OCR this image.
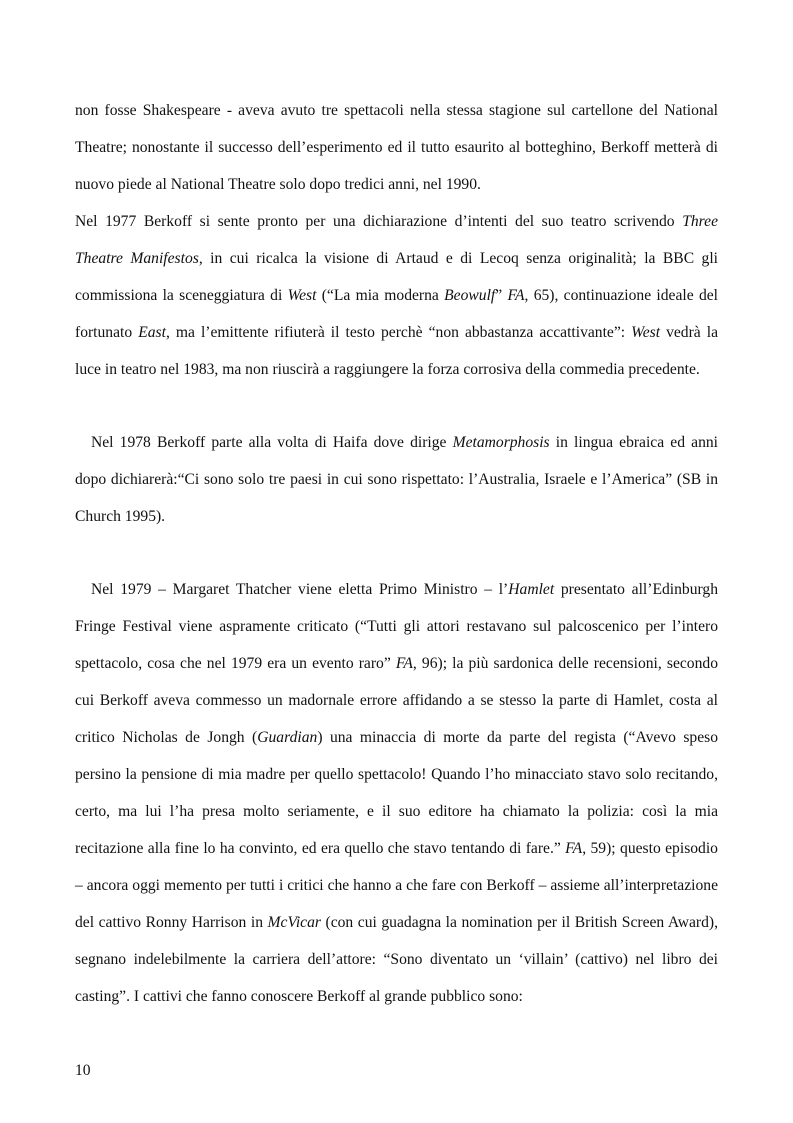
non fosse Shakespeare - aveva avuto tre spettacoli nella stessa stagione sul cartellone del National Theatre; nonostante il successo dell’esperimento ed il tutto esaurito al botteghino, Berkoff metterà di nuovo piede al National Theatre solo dopo tredici anni, nel 1990.

Nel 1977 Berkoff si sente pronto per una dichiarazione d’intenti del suo teatro scrivendo Three Theatre Manifestos, in cui ricalca la visione di Artaud e di Lecoq senza originalità; la BBC gli commissiona la sceneggiatura di West (“La mia moderna Beowulf” FA, 65), continuazione ideale del fortunato East, ma l’emittente rifiuterà il testo perchè “non abbastanza accattivante”: West vedrà la luce in teatro nel 1983, ma non riuscirà a raggiungere la forza corrosiva della commedia precedente.

Nel 1978 Berkoff parte alla volta di Haifa dove dirige Metamorphosis in lingua ebraica ed anni dopo dichiarerà:“Ci sono solo tre paesi in cui sono rispettato: l’Australia, Israele e l’America” (SB in Church 1995).

Nel 1979 – Margaret Thatcher viene eletta Primo Ministro – l’Hamlet presentato all’Edinburgh Fringe Festival viene aspramente criticato (“Tutti gli attori restavano sul palcoscenico per l’intero spettacolo, cosa che nel 1979 era un evento raro” FA, 96); la più sardonica delle recensioni, secondo cui Berkoff aveva commesso un madornale errore affidando a se stesso la parte di Hamlet, costa al critico Nicholas de Jongh (Guardian) una minaccia di morte da parte del regista (“Avevo speso persino la pensione di mia madre per quello spettacolo! Quando l’ho minacciato stavo solo recitando, certo, ma lui l’ha presa molto seriamente, e il suo editore ha chiamato la polizia: così la mia recitazione alla fine lo ha convinto, ed era quello che stavo tentando di fare.” FA, 59); questo episodio – ancora oggi memento per tutti i critici che hanno a che fare con Berkoff – assieme all’interpretazione del cattivo Ronny Harrison in McVicar (con cui guadagna la nomination per il British Screen Award), segnano indelebilmente la carriera dell’attore: “Sono diventato un ‘villain’ (cattivo) nel libro dei casting”. I cattivi che fanno conoscere Berkoff al grande pubblico sono:

10
